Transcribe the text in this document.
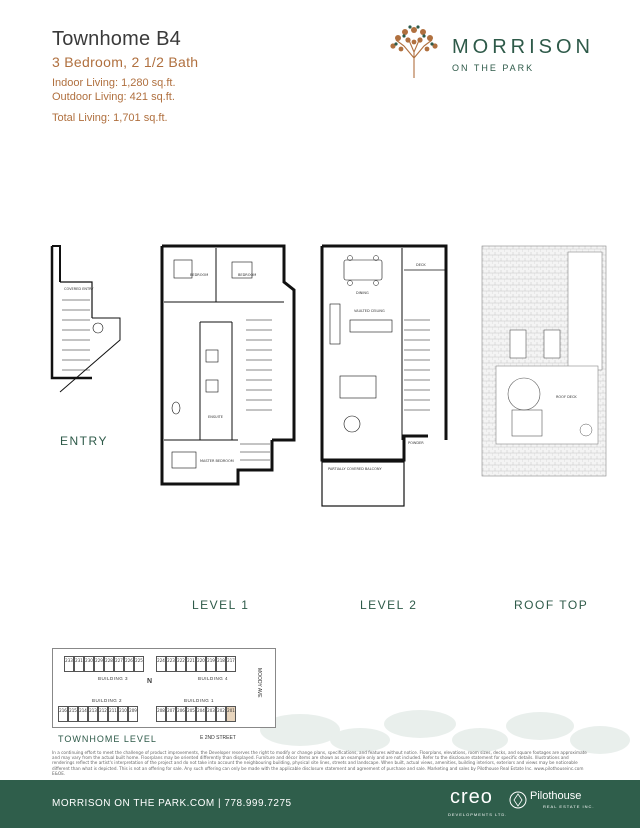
Townhome B4
3 Bedroom, 2 1/2 Bath
Indoor Living: 1,280 sq.ft.
Outdoor Living: 421 sq.ft.
Total Living: 1,701 sq.ft.
MORRISON
ON THE PARK
COVERED ENTRY
BEDROOM	BEDROOM
ENSUITE
MASTER BEDROOM
DINING
VAULTED CEILING
DECK
POWDER
PARTIALLY COVERED BALCONY
ROOF DECK
ENTRY
LEVEL 1	LEVEL 2	ROOF TOP
233 231 230 229 228 227 226 225	224 223 222 221 220 219 218 217
216 215 214 213 212 211 210 209	208 207 206 205 204 203 202 201
BUILDING 3	BUILDING 4
BUILDING 2	BUILDING 1
N	MOODY AVE
E 2ND STREET
TOWNHOME LEVEL
In a continuing effort to meet the challenge of product improvements, the Developer reserves the right to modify or change plans, specifications, and features without notice. Floorplans, elevations, room sizes, decks, and square footages are approximate and may vary from the actual built home. Floorplans may be oriented differently than displayed. Furniture and décor items are shown as an example only and are not included. Refer to the disclosure statement for specific details. Illustrations and renderings reflect the artist's interpretation of the project and do not take into account the neighbouring building, physical site lines, streets and landscape. When built, actual views, amenities, building interiors, exteriors and views may be noticeable different than what is depicted. This is not an offering for sale. Any such offering can only be made with the applicable disclosure statement and agreement of purchase and sale. Marketing and sales by Pilothouse Real Estate Inc. www.pilothouseinc.com E&OE.
MORRISON ON THE PARK.COM | 778.999.7275	creo
DEVELOPMENTS LTD.
Pilothouse
REAL ESTATE INC.
